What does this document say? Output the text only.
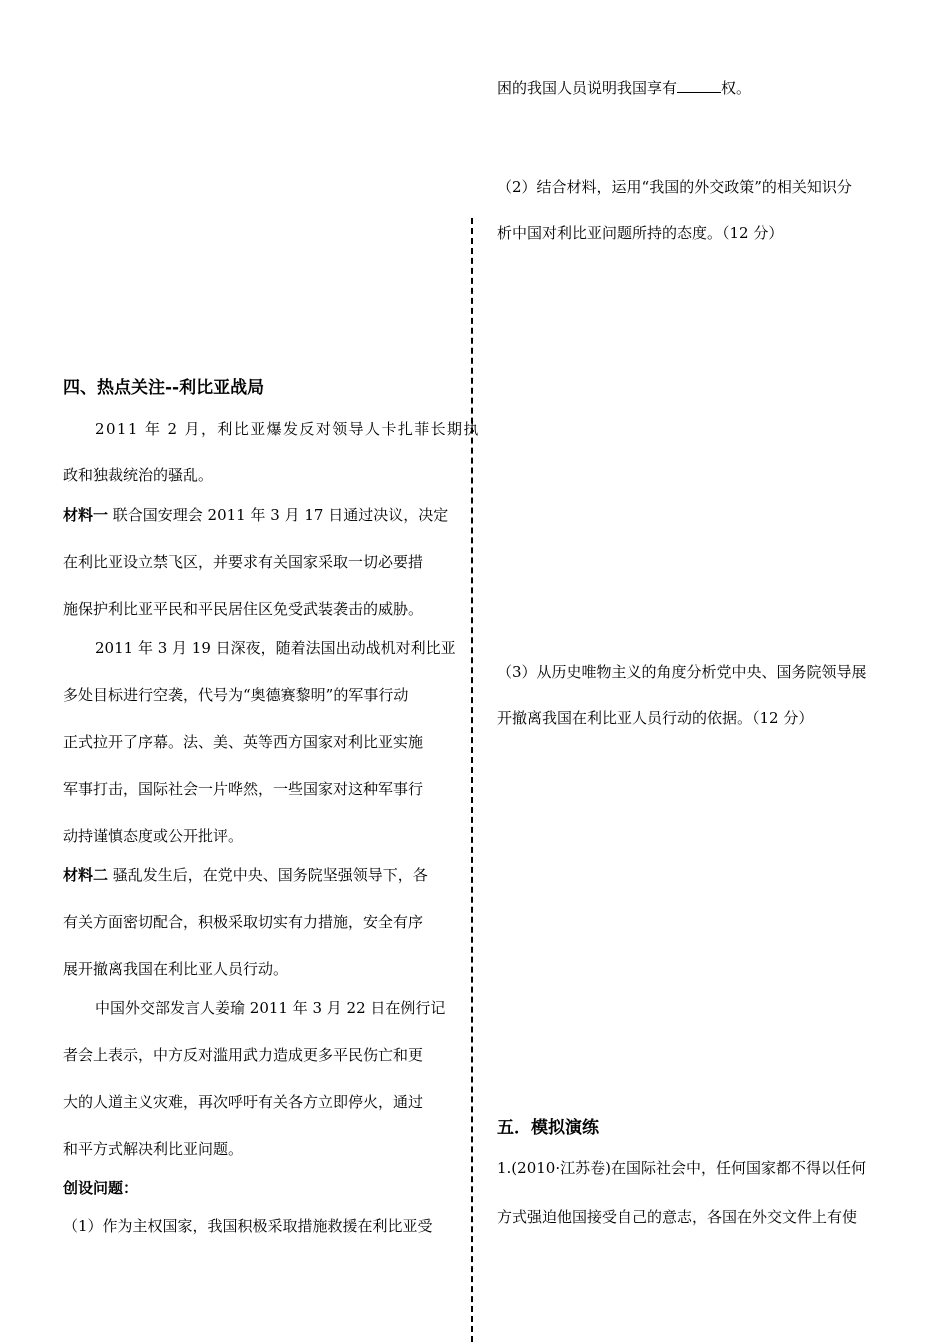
困的我国人员说明我国享有	权。
（2）结合材料，运用“我国的外交政策”的相关知识分
析中国对利比亚问题所持的态度。（12 分）
（3）从历史唯物主义的角度分析党中央、国务院领导展
开撤离我国在利比亚人员行动的依据。（12 分）
五．模拟演练
1.(2010·江苏卷)在国际社会中，任何国家都不得以任何
方式强迫他国接受自己的意志，各国在外交文件上有使
四、热点关注--利比亚战局
2011 年 2 月，利比亚爆发反对领导人卡扎菲长期执
政和独裁统治的骚乱。
材料一 联合国安理会 2011 年 3 月 17 日通过决议，决定
在利比亚设立禁飞区，并要求有关国家采取一切必要措
施保护利比亚平民和平民居住区免受武装袭击的威胁。
2011 年 3 月 19 日深夜，随着法国出动战机对利比亚
多处目标进行空袭，代号为“奥德赛黎明”的军事行动
正式拉开了序幕。法、美、英等西方国家对利比亚实施
军事打击，国际社会一片哗然，一些国家对这种军事行
动持谨慎态度或公开批评。
材料二 骚乱发生后，在党中央、国务院坚强领导下，各
有关方面密切配合，积极采取切实有力措施，安全有序
展开撤离我国在利比亚人员行动。
中国外交部发言人姜瑜 2011 年 3 月 22 日在例行记
者会上表示，中方反对滥用武力造成更多平民伤亡和更
大的人道主义灾难，再次呼吁有关各方立即停火，通过
和平方式解决利比亚问题。
创设问题：
（1）作为主权国家，我国积极采取措施救援在利比亚受
